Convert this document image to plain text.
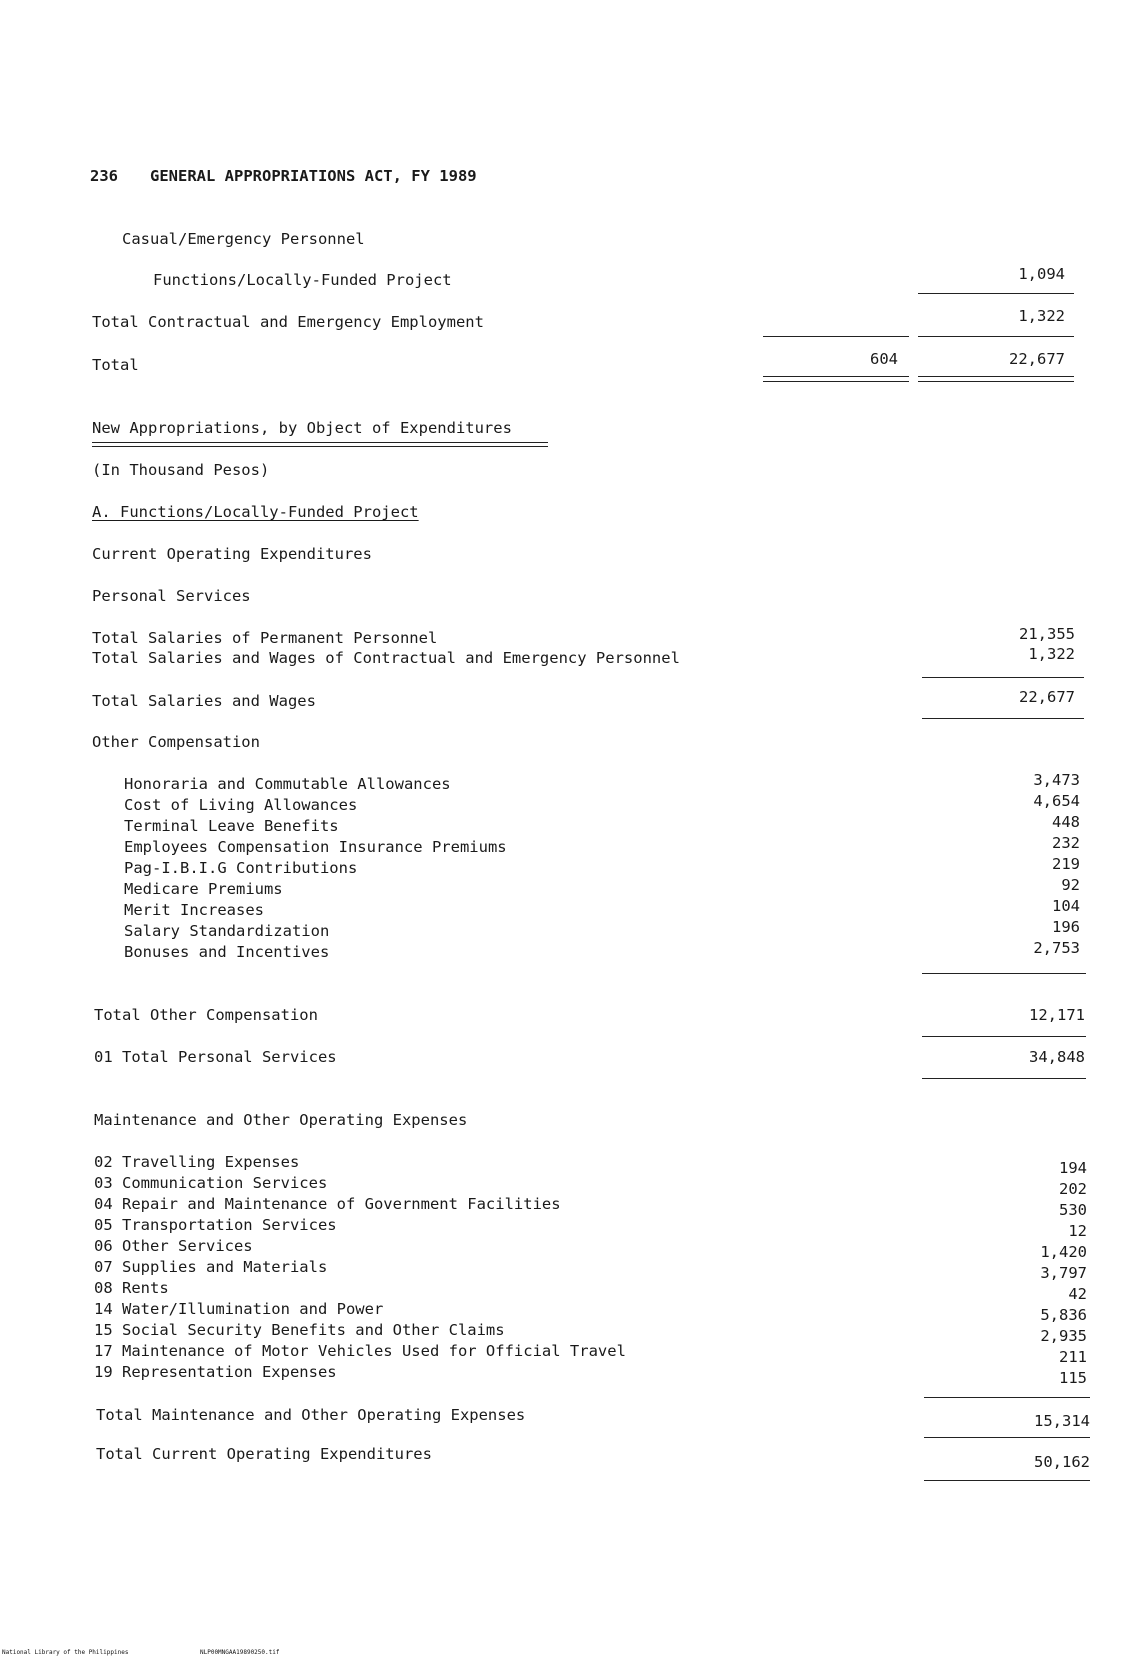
236 GENERAL APPROPRIATIONS ACT, FY 1989
Casual/Emergency Personnel
Functions/Locally-Funded Project	1,094
Total Contractual and Emergency Employment	1,322
Total	604	22,677
New Appropriations, by Object of Expenditures
(In Thousand Pesos)
A. Functions/Locally-Funded Project
Current Operating Expenditures
Personal Services
Total Salaries of Permanent Personnel	21,355
Total Salaries and Wages of Contractual and Emergency Personnel	1,322
Total Salaries and Wages	22,677
Other Compensation
Honoraria and Commutable Allowances	3,473
Cost of Living Allowances	4,654
Terminal Leave Benefits	448
Employees Compensation Insurance Premiums	232
Pag-I.B.I.G Contributions	219
Medicare Premiums	92
Merit Increases	104
Salary Standardization	196
Bonuses and Incentives	2,753
Total Other Compensation	12,171
01 Total Personal Services	34,848
Maintenance and Other Operating Expenses
02 Travelling Expenses	194
03 Communication Services	202
04 Repair and Maintenance of Government Facilities	530
05 Transportation Services	12
06 Other Services	1,420
07 Supplies and Materials	3,797
08 Rents	42
14 Water/Illumination and Power	5,836
15 Social Security Benefits and Other Claims	2,935
17 Maintenance of Motor Vehicles Used for Official Travel	211
19 Representation Expenses	115
Total Maintenance and Other Operating Expenses	15,314
Total Current Operating Expenditures	50,162
National Library of the Philippines	NLP00MNGAA19890250.tif
